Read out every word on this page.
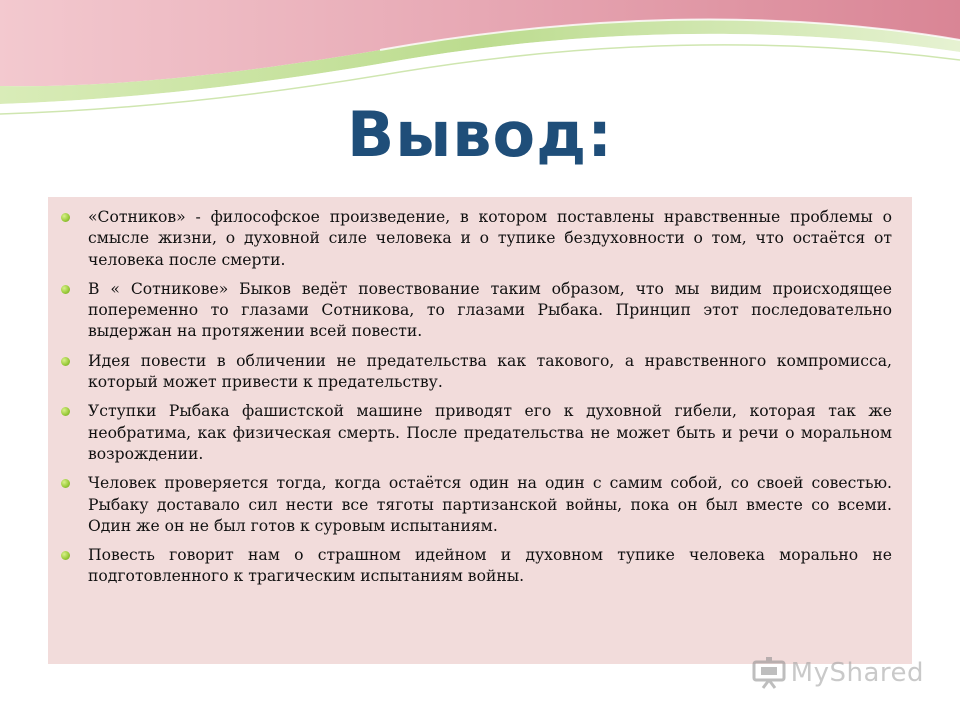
Вывод:
«Сотников» - философское произведение, в котором поставлены нравственные проблемы о смысле жизни, о духовной силе человека и о тупике бездуховности о том, что остаётся от человека после смерти.
В « Сотникове» Быков ведёт повествование таким образом, что мы видим происходящее попеременно то глазами Сотникова, то глазами Рыбака. Принцип этот последовательно выдержан на протяжении всей повести.
Идея повести в обличении не предательства как такового, а нравственного компромисса, который может привести к предательству.
Уступки Рыбака фашистской машине приводят его к духовной гибели, которая так же необратима, как физическая смерть. После предательства не может быть и речи о моральном возрождении.
Человек проверяется тогда, когда остаётся один на один с самим собой, со своей совестью. Рыбаку доставало сил нести все тяготы партизанской войны, пока он был вместе со всеми. Один же он не был готов к суровым испытаниям.
Повесть говорит нам о страшном идейном и духовном тупике человека морально не подготовленного к трагическим испытаниям войны.
MyShared
